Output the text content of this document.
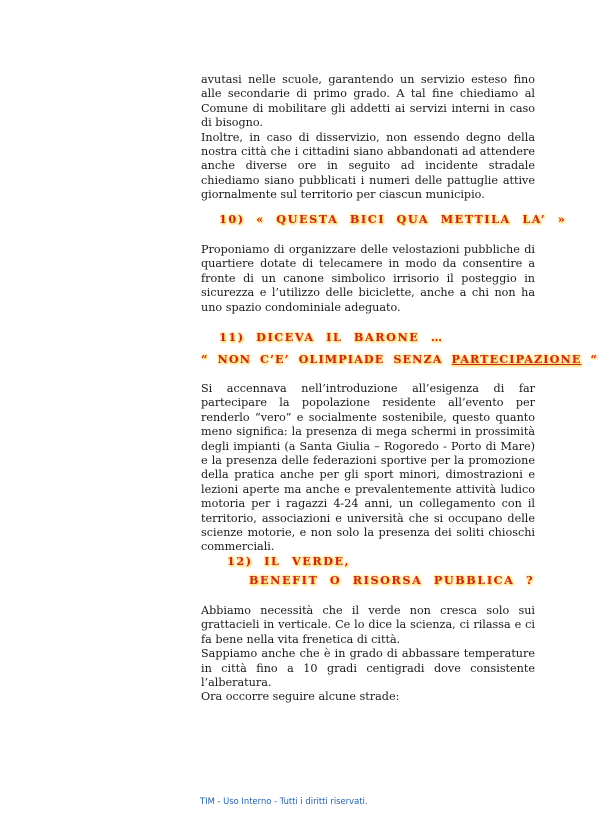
avutasi nelle scuole, garantendo un servizio esteso fino alle secondarie di primo grado. A tal fine chiediamo al Comune di mobilitare gli addetti ai servizi interni in caso di bisogno.

Inoltre, in caso di disservizio, non essendo degno della nostra città che i cittadini siano abbandonati ad attendere anche diverse ore in seguito ad incidente stradale chiediamo siano pubblicati i numeri delle pattuglie attive giornalmente sul territorio per ciascun municipio.

10) « QUESTA BICI QUA METTILA LA’ »

Proponiamo di organizzare delle velostazioni pubbliche di quartiere dotate di telecamere in modo da consentire a fronte di un canone simbolico irrisorio il posteggio in sicurezza e l’utilizzo delle biciclette, anche a chi non ha uno spazio condominiale adeguato.

11) DICEVA IL BARONE …
“ NON C’E’ OLIMPIADE SENZA PARTECIPAZIONE “

Si accennava nell’introduzione all’esigenza di far partecipare la popolazione residente all’evento per renderlo “vero” e socialmente sostenibile, questo quanto meno significa: la presenza di mega schermi in prossimità degli impianti (a Santa Giulia – Rogoredo - Porto di Mare) e la presenza delle federazioni sportive per la promozione della pratica anche per gli sport minori, dimostrazioni e lezioni aperte ma anche e prevalentemente attività ludico motoria per i ragazzi 4-24 anni, un collegamento con il territorio, associazioni e università che si occupano delle scienze motorie, e non solo la presenza dei soliti chioschi commerciali.

12) IL VERDE,
BENEFIT O RISORSA PUBBLICA ?

Abbiamo necessità che il verde non cresca solo sui grattacieli in verticale. Ce lo dice la scienza, ci rilassa e ci fa bene nella vita frenetica di città.

Sappiamo anche che è in grado di abbassare temperature in città fino a 10 gradi centigradi dove consistente l’alberatura.

Ora occorre seguire alcune strade:

TIM - Uso Interno - Tutti i diritti riservati.
